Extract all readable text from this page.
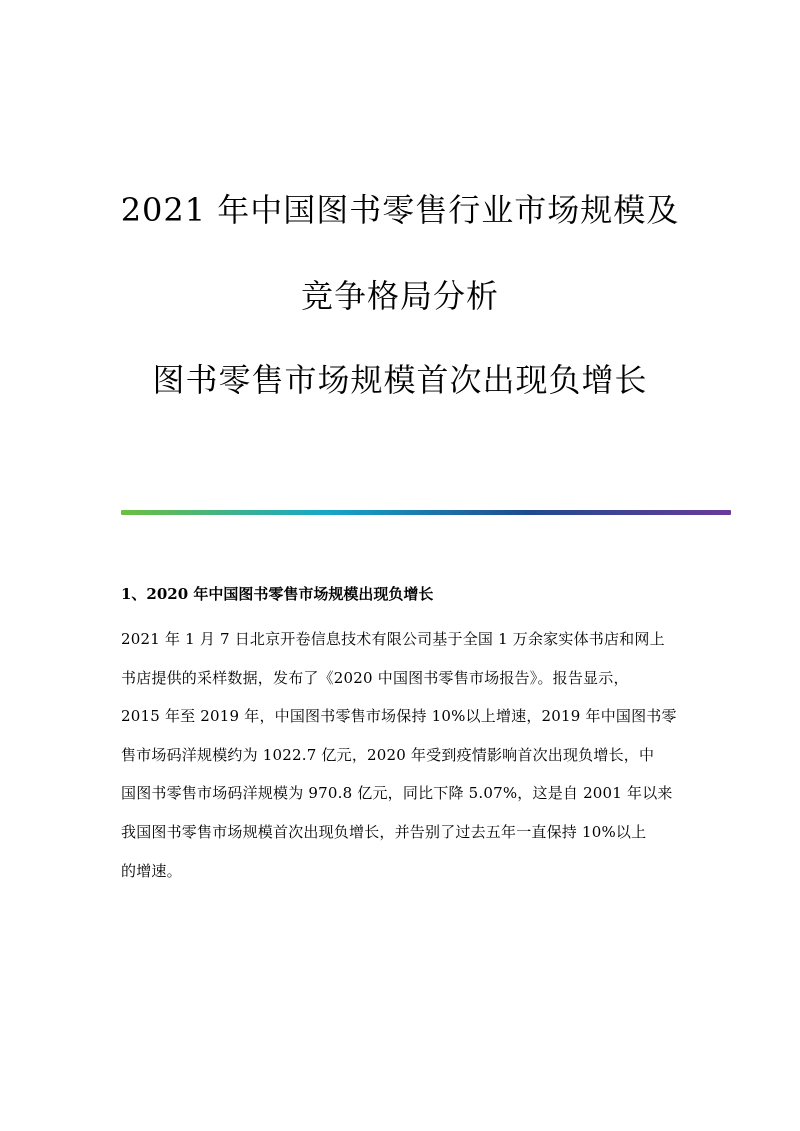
2021 年中国图书零售行业市场规模及
竞争格局分析
图书零售市场规模首次出现负增长
1、2020 年中国图书零售市场规模出现负增长
2021 年 1 月 7 日北京开卷信息技术有限公司基于全国 1 万余家实体书店和网上
书店提供的采样数据，发布了《2020 中国图书零售市场报告》。报告显示，
2015 年至 2019 年，中国图书零售市场保持 10%以上增速，2019 年中国图书零
售市场码洋规模约为 1022.7 亿元，2020 年受到疫情影响首次出现负增长，中
国图书零售市场码洋规模为 970.8 亿元，同比下降 5.07%，这是自 2001 年以来
我国图书零售市场规模首次出现负增长，并告别了过去五年一直保持 10%以上
的增速。
